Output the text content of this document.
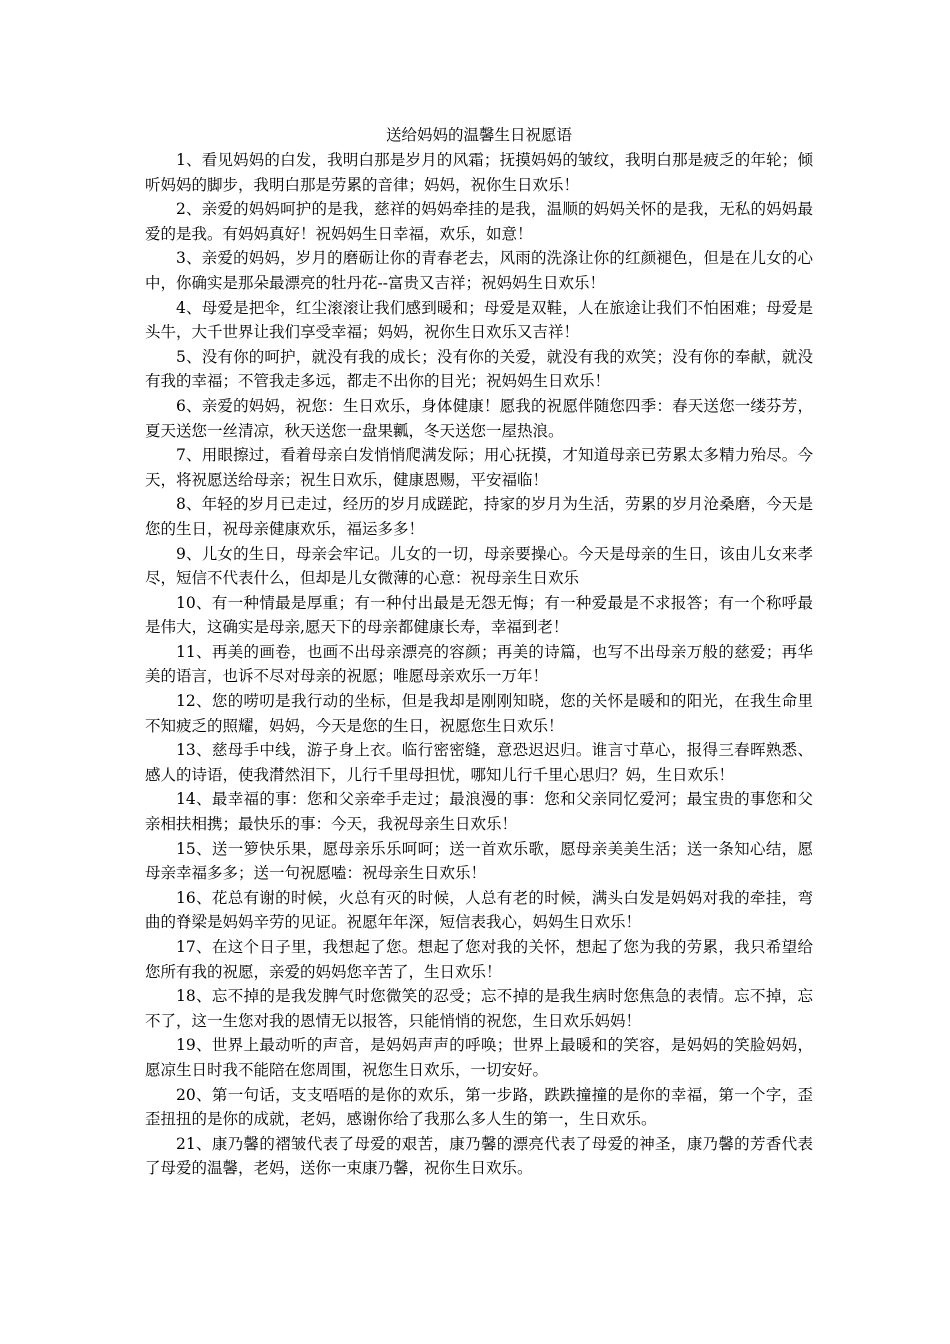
送给妈妈的温馨生日祝愿语

1、看见妈妈的白发，我明白那是岁月的风霜；抚摸妈妈的皱纹，我明白那是疲乏的年轮；倾听妈妈的脚步，我明白那是劳累的音律；妈妈，祝你生日欢乐！

2、亲爱的妈妈呵护的是我，慈祥的妈妈牵挂的是我，温顺的妈妈关怀的是我，无私的妈妈最爱的是我。有妈妈真好！祝妈妈生日幸福，欢乐，如意！

3、亲爱的妈妈，岁月的磨砺让你的青春老去，风雨的洗涤让你的红颜褪色，但是在儿女的心中，你确实是那朵最漂亮的牡丹花--富贵又吉祥；祝妈妈生日欢乐！

4、母爱是把伞，红尘滚滚让我们感到暖和；母爱是双鞋，人在旅途让我们不怕困难；母爱是头牛，大千世界让我们享受幸福；妈妈，祝你生日欢乐又吉祥！

5、没有你的呵护，就没有我的成长；没有你的关爱，就没有我的欢笑；没有你的奉献，就没有我的幸福；不管我走多远，都走不出你的目光；祝妈妈生日欢乐！

6、亲爱的妈妈，祝您：生日欢乐，身体健康！愿我的祝愿伴随您四季：春天送您一缕芬芳，夏天送您一丝清凉，秋天送您一盘果瓤，冬天送您一屋热浪。

7、用眼擦过，看着母亲白发悄悄爬满发际；用心抚摸，才知道母亲已劳累太多精力殆尽。今天，将祝愿送给母亲；祝生日欢乐，健康恩赐，平安福临！

8、年轻的岁月已走过，经历的岁月成蹉跎，持家的岁月为生活，劳累的岁月沧桑磨，今天是您的生日，祝母亲健康欢乐，福运多多！

9、儿女的生日，母亲会牢记。儿女的一切，母亲要操心。今天是母亲的生日，该由儿女来孝尽，短信不代表什么，但却是儿女微薄的心意：祝母亲生日欢乐

10、有一种情最是厚重；有一种付出最是无怨无悔；有一种爱最是不求报答；有一个称呼最是伟大，这确实是母亲,愿天下的母亲都健康长寿，幸福到老！

11、再美的画卷，也画不出母亲漂亮的容颜；再美的诗篇，也写不出母亲万般的慈爱；再华美的语言，也诉不尽对母亲的祝愿；唯愿母亲欢乐一万年！

12、您的唠叨是我行动的坐标，但是我却是刚刚知晓，您的关怀是暖和的阳光，在我生命里不知疲乏的照耀，妈妈，今天是您的生日，祝愿您生日欢乐！

13、慈母手中线，游子身上衣。临行密密缝，意恐迟迟归。谁言寸草心，报得三春晖熟悉、感人的诗语，使我潸然泪下，儿行千里母担忧，哪知儿行千里心思归？妈，生日欢乐！

14、最幸福的事：您和父亲牵手走过；最浪漫的事：您和父亲同忆爱河；最宝贵的事您和父亲相扶相携；最快乐的事：今天，我祝母亲生日欢乐！

15、送一箩快乐果，愿母亲乐乐呵呵；送一首欢乐歌，愿母亲美美生活；送一条知心结，愿母亲幸福多多；送一句祝愿嗑：祝母亲生日欢乐！

16、花总有谢的时候，火总有灭的时候，人总有老的时候，满头白发是妈妈对我的牵挂，弯曲的脊梁是妈妈辛劳的见证。祝愿年年深，短信表我心，妈妈生日欢乐！

17、在这个日子里，我想起了您。想起了您对我的关怀，想起了您为我的劳累，我只希望给您所有我的祝愿，亲爱的妈妈您辛苦了，生日欢乐！

18、忘不掉的是我发脾气时您微笑的忍受；忘不掉的是我生病时您焦急的表情。忘不掉，忘不了，这一生您对我的恩情无以报答，只能悄悄的祝您，生日欢乐妈妈！

19、世界上最动听的声音，是妈妈声声的呼唤；世界上最暖和的笑容，是妈妈的笑脸妈妈，愿凉生日时我不能陪在您周围，祝您生日欢乐，一切安好。

20、第一句话，支支唔唔的是你的欢乐，第一步路，跌跌撞撞的是你的幸福，第一个字，歪歪扭扭的是你的成就，老妈，感谢你给了我那么多人生的第一，生日欢乐。

21、康乃馨的褶皱代表了母爱的艰苦，康乃馨的漂亮代表了母爱的神圣，康乃馨的芳香代表了母爱的温馨，老妈，送你一束康乃馨，祝你生日欢乐。
